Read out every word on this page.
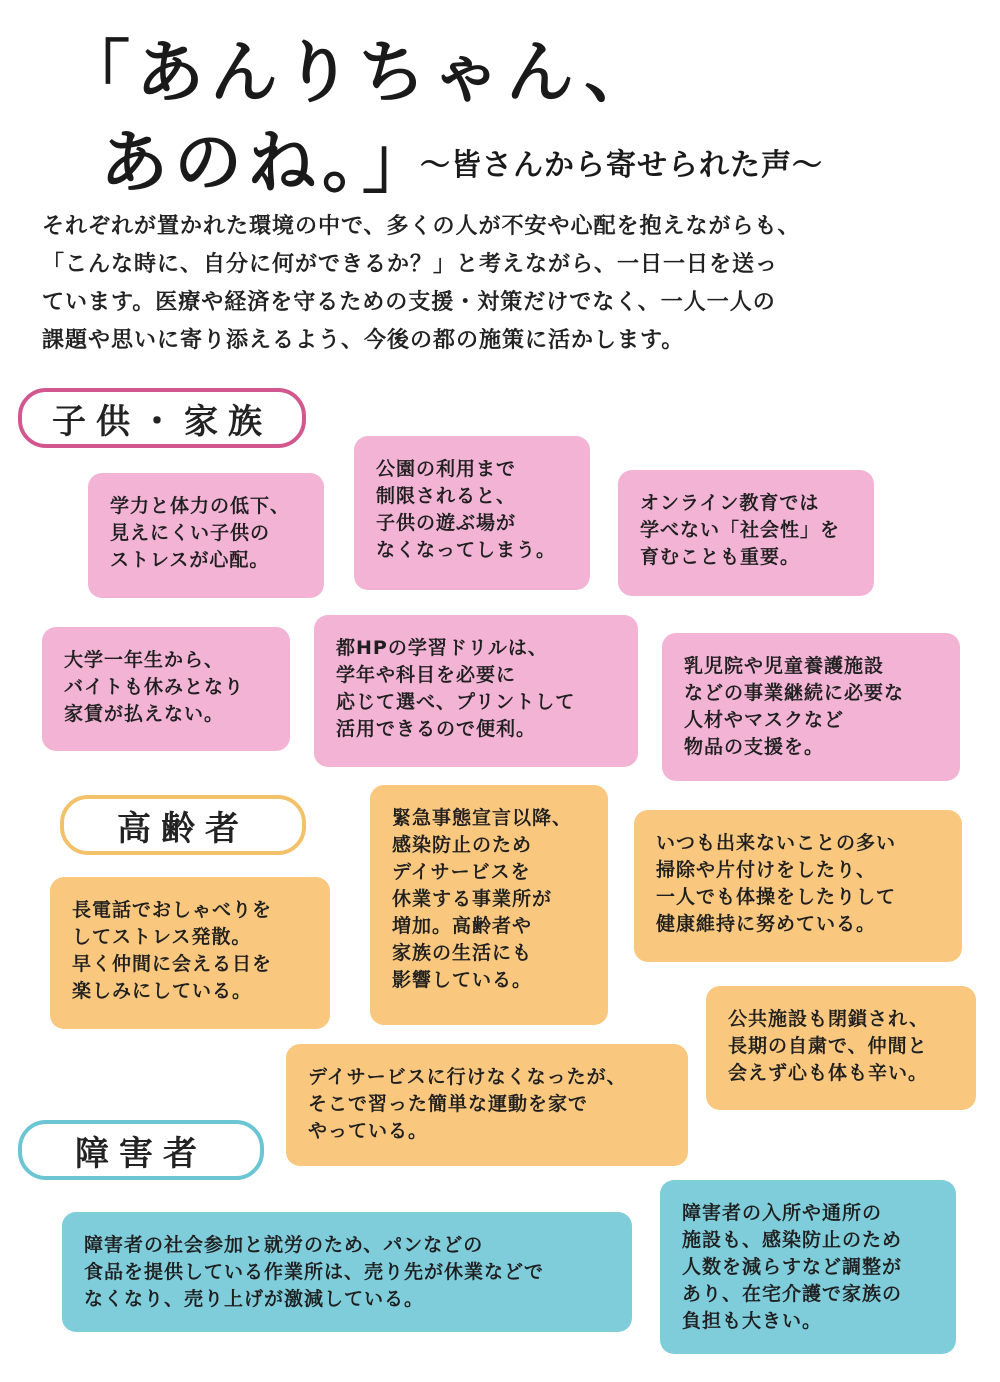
「あんりちゃん、
あのね。」
～皆さんから寄せられた声～
それぞれが置かれた環境の中で、多くの人が不安や心配を抱えながらも、
「こんな時に、自分に何ができるか？」と考えながら、一日一日を送っ
ています。医療や経済を守るための支援・対策だけでなく、一人一人の
課題や思いに寄り添えるよう、今後の都の施策に活かします。
子供・家族
高齢者
障害者
学力と体力の低下、
見えにくい子供の
ストレスが心配。
公園の利用まで
制限されると、
子供の遊ぶ場が
なくなってしまう。
オンライン教育では
学べない「社会性」を
育むことも重要。
大学一年生から、
バイトも休みとなり
家賃が払えない。
都HPの学習ドリルは、
学年や科目を必要に
応じて選べ、プリントして
活用できるので便利。
乳児院や児童養護施設
などの事業継続に必要な
人材やマスクなど
物品の支援を。
緊急事態宣言以降、
感染防止のため
デイサービスを
休業する事業所が
増加。高齢者や
家族の生活にも
影響している。
いつも出来ないことの多い
掃除や片付けをしたり、
一人でも体操をしたりして
健康維持に努めている。
長電話でおしゃべりを
してストレス発散。
早く仲間に会える日を
楽しみにしている。
公共施設も閉鎖され、
長期の自粛で、仲間と
会えず心も体も辛い。
デイサービスに行けなくなったが、
そこで習った簡単な運動を家で
やっている。
障害者の入所や通所の
施設も、感染防止のため
人数を減らすなど調整が
あり、在宅介護で家族の
負担も大きい。
障害者の社会参加と就労のため、パンなどの
食品を提供している作業所は、売り先が休業などで
なくなり、売り上げが激減している。
